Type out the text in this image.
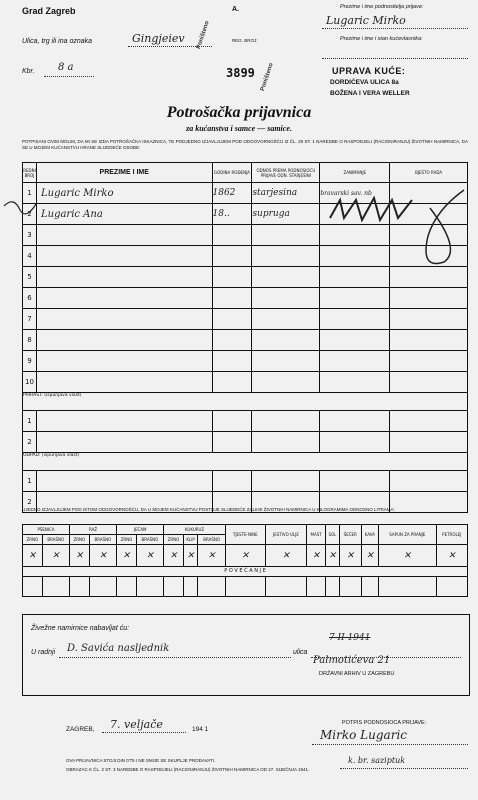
Grad Zagreb	A.
Ulica, trg ili ina oznaka	Gingjeiev
Kbr. 8 a
REG. BROJ:
3899
Poništeno
Poništeno
Prezime i ime podnositelja prijave:
Lugaric Mirko
Prezime i ime i stan kućevlasnika:
UPRAVA KUĆE:
DORDIĆEVA ULICA 8a
BOŽENA I VERA WELLER
Potrošačka prijavnica
za kućanstva i samce — samice.
POTPISANI OVIM MOLIM, DA MI SE IZDA POTROŠAČKA ISKAZNICA, TE PODJEDNO IZJAVLJUJEM POD ODGOVORNOŠĆU IZ ČL. 28 ST. 1 NAREDBE O RASPODJELI (RACIONIRANJU) ŽIVOTNIH NAMIRNICA, DA SE U MOJEM KUĆANSTVU HRANE SLIJEDEĆE OSOBE:
REDNI BROJ	PREZIME I IME	GODINA ROĐENJA	ODNOS PREMA PODNOSIOCU PRIJAVE ODN. STARJEŠINI	ZANIMANJE	BJEŠTO RADA
1	Lugaric Mirko	1862	starjesina	bravarski sav. nb	
2	Lugaric Ana	18..	supruga		
3					
4					
5					
6					
7					
8					
9					
10					
PRIRAST: (ispunjava vlast)					
1					
2					
ODPAD: (ispunjava vlast)					
1					
2					
UJEDNO IZJAVLJUJEM POD ISTOM ODGOVORNOŠĆU, DA U MOJEM KUĆANSTVU POSTOJE SLIJEDEĆE ZALIHE ŽIVOTNIH NAMIRNICA U KILOGRAMIMA ODNOSNO LITRAMA:
PŠENICA		RAŽ		JEČAM		KUKURUZ			TJESTE-NINE	JESTIVO ULJE	MAST	SOL	ŠEĆER	KAVA	SAPUN ZA PRANJE	PETROLEJ
ZRNO	BRAŠNO	ZRNO	BRAŠNO	ZRNO	BRAŠNO	ZRNO	KLIP	BRAŠNO								
✕	✕	✕	✕	✕	✕	✕	✕	✕	✕	✕	✕	✕	✕	✕	✕	✕
P O V E Ć A N J E																

Živežne namirnice nabavljat ću:
U radnji D. Savića nasljednik	ulica
7 II 1941
Palmotićeva 21
DRŽAVNI ARHIV U ZAGREBU
ZAGREB, 7. veljače	194 1
POTPIS PODNOSIOCA PRIJAVE:
Mirko Lugaric
OVA PRIJAVNICA STOJI DIN 0'75 I NE SMIJE SE SKUPLJE PRODAVATI.
OBRAZAC K ČL. 2 ST. 3 NAREDBE O RASPODJELI (RACIONIRANJU) ŽIVOTNIH NAMIRNICA OD 27. SIJEČNJA 1941.
k. br. saziptuk
